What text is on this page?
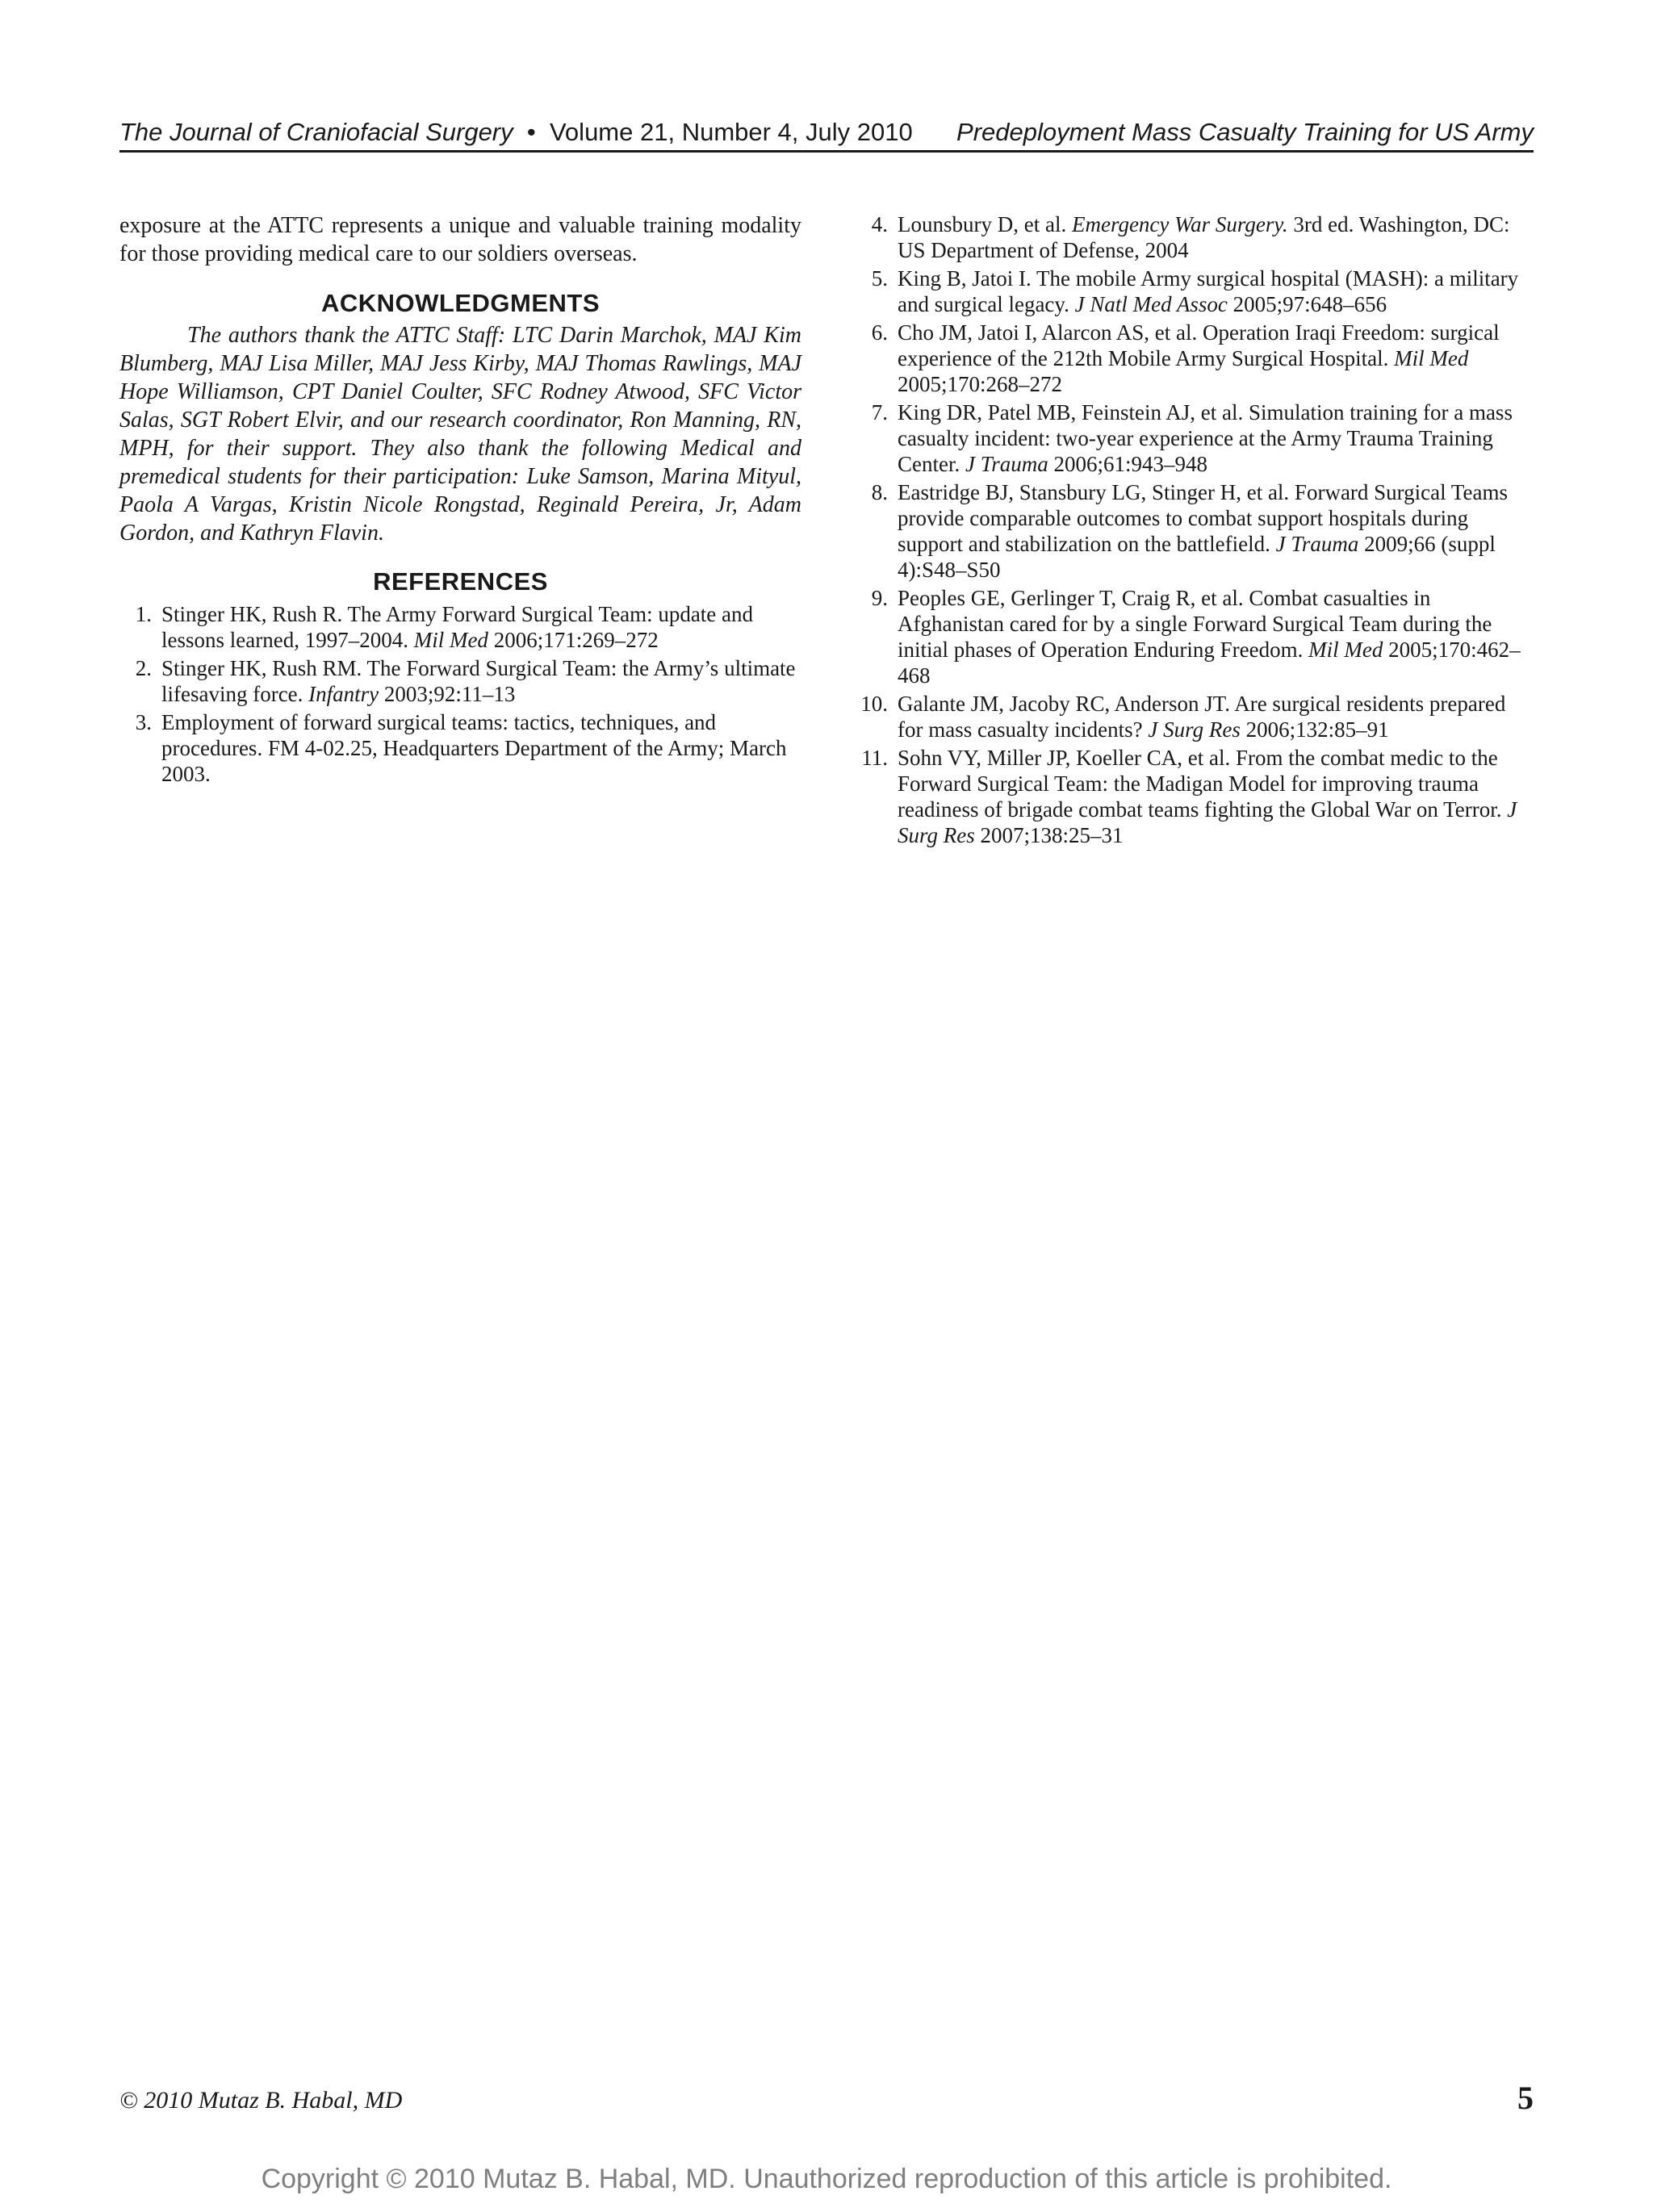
The Journal of Craniofacial Surgery • Volume 21, Number 4, July 2010 Predeployment Mass Casualty Training for US Army

exposure at the ATTC represents a unique and valuable training modality for those providing medical care to our soldiers overseas.

ACKNOWLEDGMENTS

The authors thank the ATTC Staff: LTC Darin Marchok, MAJ Kim Blumberg, MAJ Lisa Miller, MAJ Jess Kirby, MAJ Thomas Rawlings, MAJ Hope Williamson, CPT Daniel Coulter, SFC Rodney Atwood, SFC Victor Salas, SGT Robert Elvir, and our research coordinator, Ron Manning, RN, MPH, for their support. They also thank the following Medical and premedical students for their participation: Luke Samson, Marina Mityul, Paola A Vargas, Kristin Nicole Rongstad, Reginald Pereira, Jr, Adam Gordon, and Kathryn Flavin.

REFERENCES
1. Stinger HK, Rush R. The Army Forward Surgical Team: update and lessons learned, 1997–2004. Mil Med 2006;171:269–272
2. Stinger HK, Rush RM. The Forward Surgical Team: the Army’s ultimate lifesaving force. Infantry 2003;92:11–13
3. Employment of forward surgical teams: tactics, techniques, and procedures. FM 4-02.25, Headquarters Department of the Army; March 2003.
4. Lounsbury D, et al. Emergency War Surgery. 3rd ed. Washington, DC: US Department of Defense, 2004
5. King B, Jatoi I. The mobile Army surgical hospital (MASH): a military and surgical legacy. J Natl Med Assoc 2005;97:648–656
6. Cho JM, Jatoi I, Alarcon AS, et al. Operation Iraqi Freedom: surgical experience of the 212th Mobile Army Surgical Hospital. Mil Med 2005;170:268–272
7. King DR, Patel MB, Feinstein AJ, et al. Simulation training for a mass casualty incident: two-year experience at the Army Trauma Training Center. J Trauma 2006;61:943–948
8. Eastridge BJ, Stansbury LG, Stinger H, et al. Forward Surgical Teams provide comparable outcomes to combat support hospitals during support and stabilization on the battlefield. J Trauma 2009;66 (suppl 4):S48–S50
9. Peoples GE, Gerlinger T, Craig R, et al. Combat casualties in Afghanistan cared for by a single Forward Surgical Team during the initial phases of Operation Enduring Freedom. Mil Med 2005;170:462–468
10. Galante JM, Jacoby RC, Anderson JT. Are surgical residents prepared for mass casualty incidents? J Surg Res 2006;132:85–91
11. Sohn VY, Miller JP, Koeller CA, et al. From the combat medic to the Forward Surgical Team: the Madigan Model for improving trauma readiness of brigade combat teams fighting the Global War on Terror. J Surg Res 2007;138:25–31
© 2010 Mutaz B. Habal, MD	5
Copyright © 2010 Mutaz B. Habal, MD. Unauthorized reproduction of this article is prohibited.
